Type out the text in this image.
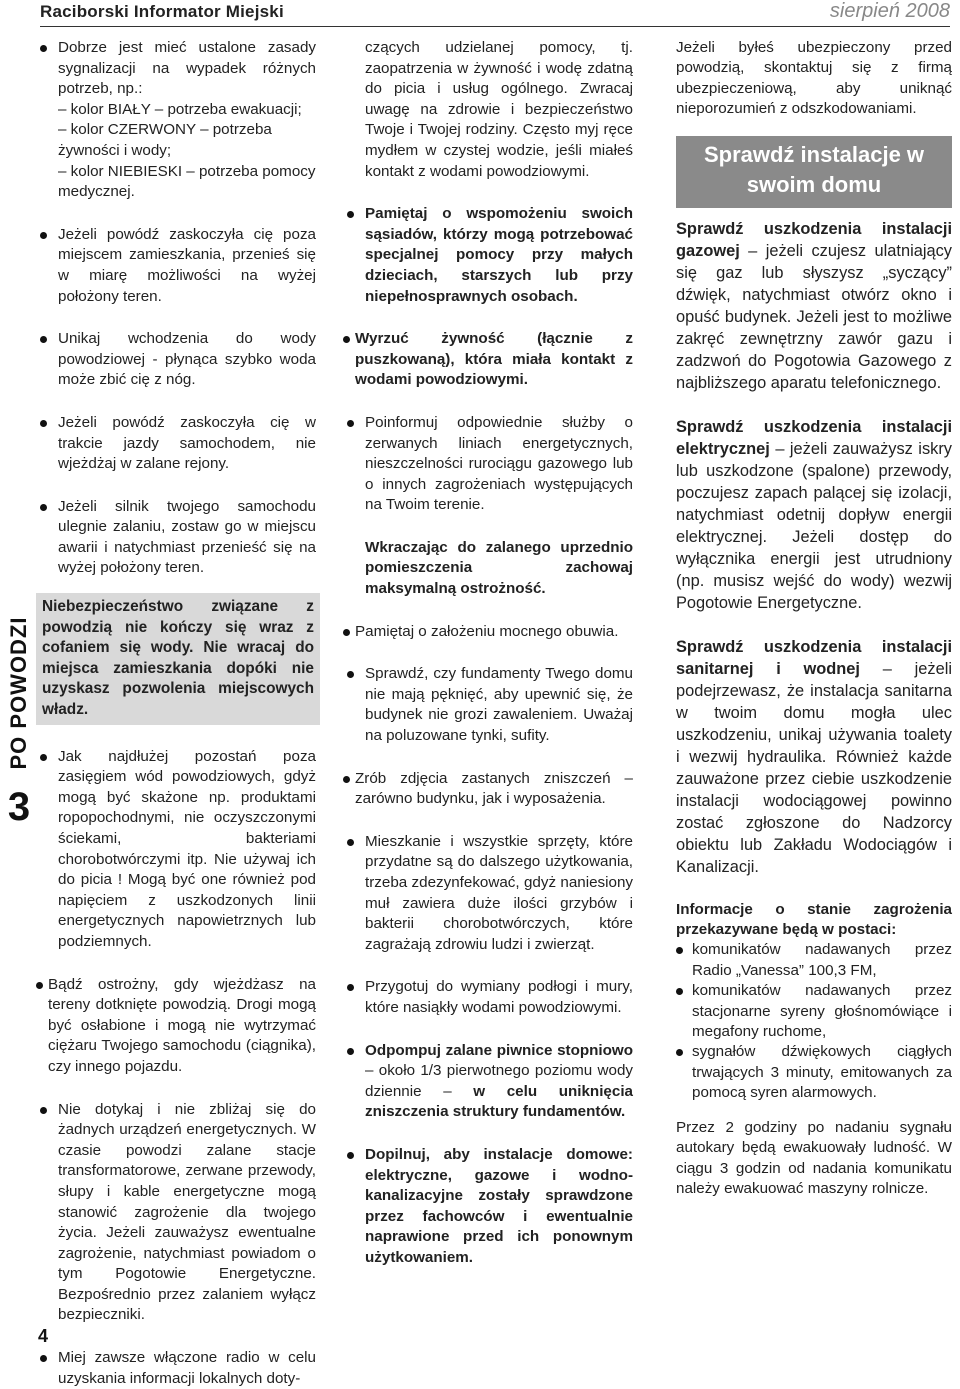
Raciborski Informator Miejski	sierpień 2008
PO POWODZI
3
4

Dobrze jest mieć ustalone zasady sygnalizacji na wypadek różnych potrzeb, np.:

– kolor BIAŁY – potrzeba ewakuacji;

– kolor CZERWONY – potrzeba żywności i wody;

– kolor NIEBIESKI – potrzeba pomocy medycznej.

Jeżeli powódź zaskoczyła cię poza miejscem zamieszkania, przenieś się w miarę możliwości na wyżej położony teren.

Unikaj wchodzenia do wody powodziowej - płynąca szybko woda może zbić cię z nóg.

Jeżeli powódź zaskoczyła cię w trakcie jazdy samochodem, nie wjeżdżaj w zalane rejony.

Jeżeli silnik twojego samochodu ulegnie zalaniu, zostaw go w miejscu awarii i natychmiast przenieść się na wyżej położony teren.

Niebezpieczeństwo związane z powodzią nie kończy się wraz z cofaniem się wody. Nie wracaj do miejsca zamieszkania dopóki nie uzyskasz pozwolenia miejscowych władz.

Jak najdłużej pozostań poza zasięgiem wód powodziowych, gdyż mogą być skażone np. produktami ropopochodnymi, nie oczyszczonymi ściekami, bakteriami chorobotwórczymi itp. Nie używaj ich do picia ! Mogą być one również pod napięciem z uszkodzonych linii energetycznych napowietrznych lub podziemnych.

Bądź ostrożny, gdy wjeżdżasz na tereny dotknięte powodzią. Drogi mogą być osłabione i mogą nie wytrzymać ciężaru Twojego samochodu (ciągnika), czy innego pojazdu.

Nie dotykaj i nie zbliżaj się do żadnych urządzeń energetycznych. W czasie powodzi zalane stacje transformatorowe, zerwane przewody, słupy i kable energetyczne mogą stanowić zagrożenie dla twojego życia. Jeżeli zauważysz ewentualne zagrożenie, natychmiast powiadom o tym Pogotowie Energetyczne. Bezpośrednio przez zalaniem wyłącz bezpieczniki.

Miej zawsze włączone radio w celu uzyskania informacji lokalnych doty-

czących udzielanej pomocy, tj. zaopatrzenia w żywność i wodę zdatną do picia i usług ogólnego. Zwracaj uwagę na zdrowie i bezpieczeństwo Twoje i Twojej rodziny. Często myj ręce mydłem w czystej wodzie, jeśli miałeś kontakt z wodami powodziowymi.

Pamiętaj o wspomożeniu swoich sąsiadów, którzy mogą potrzebować specjalnej pomocy przy małych dzieciach, starszych lub przy niepełnosprawnych osobach.

Wyrzuć żywność (łącznie z puszkowaną), która miała kontakt z wodami powodziowymi.

Poinformuj odpowiednie służby o zerwanych liniach energetycznych, nieszczelności rurociągu gazowego lub o innych zagrożeniach występujących na Twoim terenie.

Wkraczając do zalanego uprzednio pomieszczenia zachowaj maksymalną ostrożność.

Pamiętaj o założeniu mocnego obuwia.

Sprawdź, czy fundamenty Twego domu nie mają pęknięć, aby upewnić się, że budynek nie grozi zawaleniem. Uważaj na poluzowane tynki, sufity.

Zrób zdjęcia zastanych zniszczeń – zarówno budynku, jak i wyposażenia.

Mieszkanie i wszystkie sprzęty, które przydatne są do dalszego użytkowania, trzeba zdezynfekować, gdyż naniesiony muł zawiera duże ilości grzybów i bakterii chorobotwórczych, które zagrażają zdrowiu ludzi i zwierząt.

Przygotuj do wymiany podłogi i mury, które nasiąkły wodami powodziowymi.

Odpompuj zalane piwnice stopniowo – około 1/3 pierwotnego poziomu wody dziennie – w celu uniknięcia zniszczenia struktury fundamentów.

Dopilnuj, aby instalacje domowe: elektryczne, gazowe i wodno-kanalizacyjne zostały sprawdzone przez fachowców i ewentualnie naprawione przed ich ponownym użytkowaniem.

Jeżeli byłeś ubezpieczony przed powodzią, skontaktuj się z firmą ubezpieczeniową, aby uniknąć nieporozumień z odszkodowaniami.

Sprawdź instalacje w swoim domu

Sprawdź uszkodzenia instalacji gazowej – jeżeli czujesz ulatniający się gaz lub słyszysz „syczący” dźwięk, natychmiast otwórz okno i opuść budynek. Jeżeli jest to możliwe zakręć zewnętrzny zawór gazu i zadzwoń do Pogotowia Gazowego z najbliższego aparatu telefonicznego.

Sprawdź uszkodzenia instalacji elektrycznej – jeżeli zauważysz iskry lub uszkodzone (spalone) przewody, poczujesz zapach palącej się izolacji, natychmiast odetnij dopływ energii elektrycznej. Jeżeli dostęp do wyłącznika energii jest utrudniony (np. musisz wejść do wody) wezwij Pogotowie Energetyczne.

Sprawdź uszkodzenia instalacji sanitarnej i wodnej – jeżeli podejrzewasz, że instalacja sanitarna w twoim domu mogła ulec uszkodzeniu, unikaj używania toalety i wezwij hydraulika. Również każde zauważone przez ciebie uszkodzenie instalacji wodociągowej powinno zostać zgłoszone do Nadzorcy obiektu lub Zakładu Wodociągów i Kanalizacji.

Informacje o stanie zagrożenia przekazywane będą w postaci:

komunikatów nadawanych przez Radio „Vanessa” 100,3 FM,

komunikatów nadawanych przez stacjonarne syreny głośnomówiące i megafony ruchome,

sygnałów dźwiękowych ciągłych trwających 3 minuty, emitowanych za pomocą syren alarmowych.

Przez 2 godziny po nadaniu sygnału autokary będą ewakuowały ludność. W ciągu 3 godzin od nadania komunikatu należy ewakuować maszyny rolnicze.
